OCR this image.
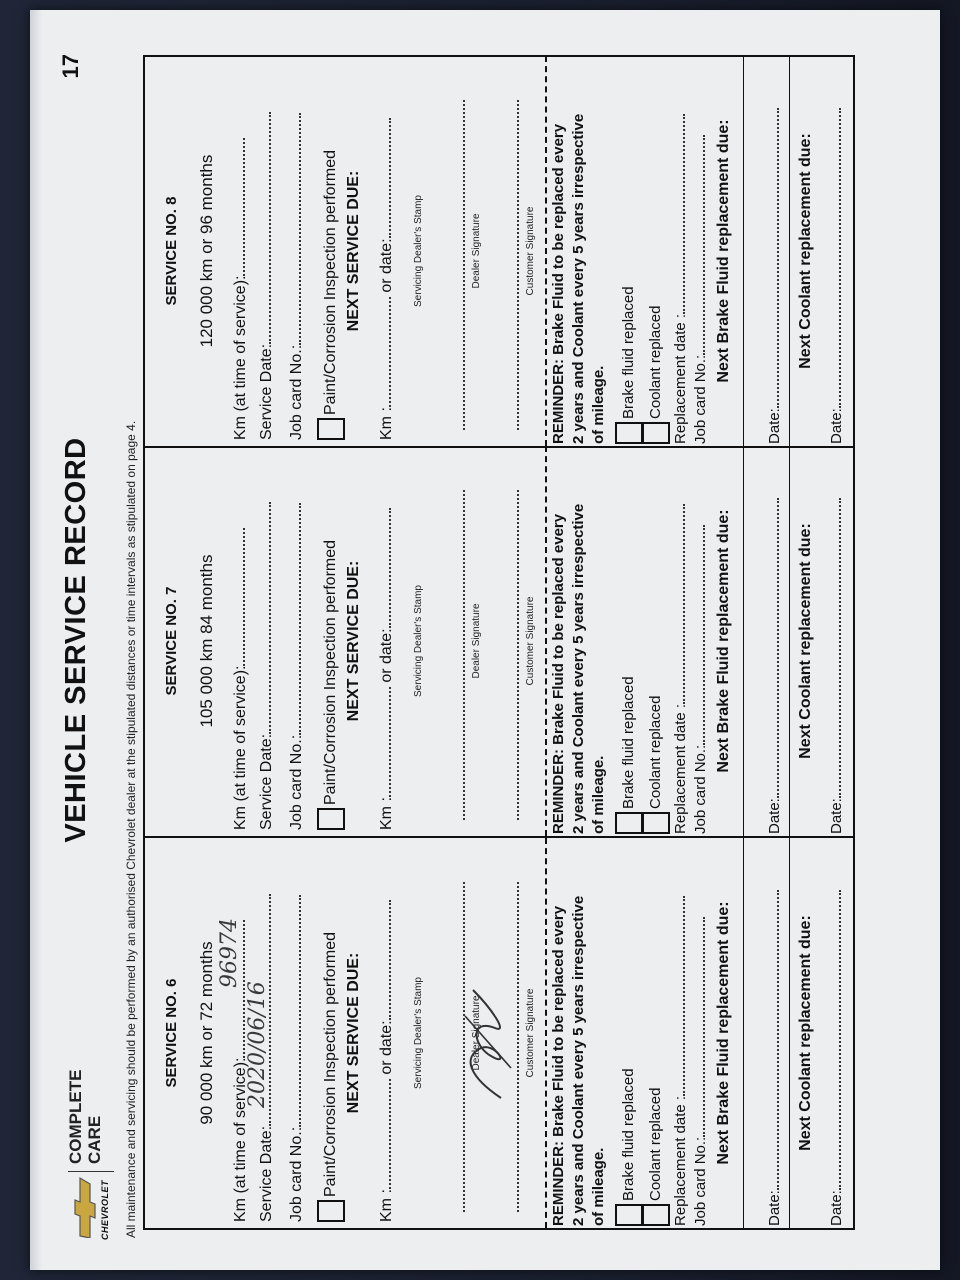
CHEVROLET
COMPLETE CARE
VEHICLE SERVICE RECORD
17
All maintenance and servicing should be performed by an authorised Chevrolet dealer at the stipulated distances or time intervals as stipulated on page 4. SERVICE NO. 6 90 000 km or 72 months
Km (at time of service): Service Date: Job card No.:	Paint/Corrosion Inspection performed NEXT SERVICE DUE:
Km : or date: Servicing Dealer's Stamp	Dealer Signature	Customer Signature REMINDER: Brake Fluid to be replaced every 2 years and Coolant every 5 years irrespective of mileage. Brake fluid replaced Coolant replaced Replacement date : Job card No.:
Next Brake Fluid replacement due:
Date:
Next Coolant replacement due:
Date:
96974
2020/06/16
SERVICE NO. 7 105 000 km 84 months
Km (at time of service): Service Date: Job card No.:	Paint/Corrosion Inspection performed NEXT SERVICE DUE:
Km : or date: Servicing Dealer's Stamp	Dealer Signature	Customer Signature REMINDER: Brake Fluid to be replaced every 2 years and Coolant every 5 years irrespective of mileage. Brake fluid replaced Coolant replaced Replacement date : Job card No.:
Next Brake Fluid replacement due:
Date:
Next Coolant replacement due:
Date:
SERVICE NO. 8 120 000 km or 96 months
Km (at time of service): Service Date: Job card No.:	Paint/Corrosion Inspection performed NEXT SERVICE DUE:
Km : or date: Servicing Dealer's Stamp	Dealer Signature	Customer Signature REMINDER: Brake Fluid to be replaced every 2 years and Coolant every 5 years irrespective of mileage. Brake fluid replaced Coolant replaced Replacement date : Job card No.:
Next Brake Fluid replacement due:
Date:
Next Coolant replacement due:
Date:
